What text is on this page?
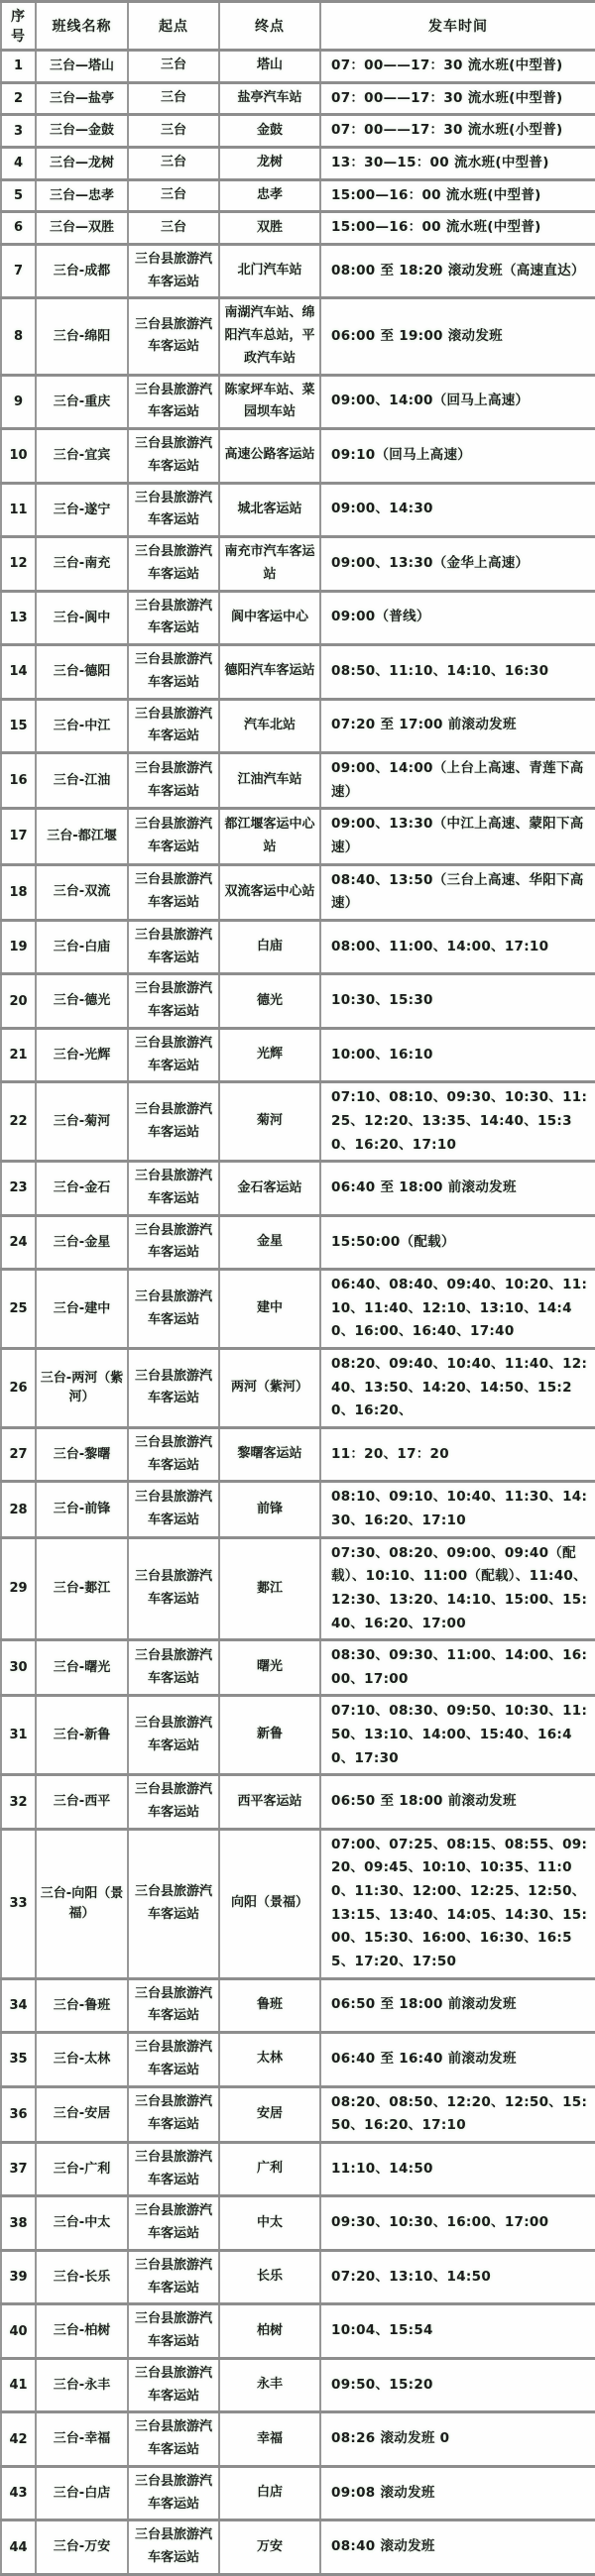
序号	班线名称	起点	终点	发车时间
1	三台—塔山	三台	塔山	07：00——17：30 流水班(中型普)
2	三台—盐亭	三台	盐亭汽车站	07：00——17：30 流水班(中型普)
3	三台—金鼓	三台	金鼓	07：00——17：30 流水班(小型普)
4	三台—龙树	三台	龙树	13：30—15：00 流水班(中型普)
5	三台—忠孝	三台	忠孝	15:00—16：00 流水班(中型普)
6	三台—双胜	三台	双胜	15:00—16：00 流水班(中型普)
7	三台-成都	三台县旅游汽车客运站	北门汽车站	08:00 至 18:20 滚动发班（高速直达）
8	三台-绵阳	三台县旅游汽车客运站	南湖汽车站、绵阳汽车总站，平政汽车站	06:00 至 19:00 滚动发班
9	三台-重庆	三台县旅游汽车客运站	陈家坪车站、菜园坝车站	09:00、14:00（回马上高速）
10	三台-宜宾	三台县旅游汽车客运站	高速公路客运站	09:10（回马上高速）
11	三台-遂宁	三台县旅游汽车客运站	城北客运站	09:00、14:30
12	三台-南充	三台县旅游汽车客运站	南充市汽车客运站	09:00、13:30（金华上高速）
13	三台-阆中	三台县旅游汽车客运站	阆中客运中心	09:00（普线）
14	三台-德阳	三台县旅游汽车客运站	德阳汽车客运站	08:50、11:10、14:10、16:30
15	三台-中江	三台县旅游汽车客运站	汽车北站	07:20 至 17:00 前滚动发班
16	三台-江油	三台县旅游汽车客运站	江油汽车站	09:00、14:00（上台上高速、青莲下高速）
17	三台-都江堰	三台县旅游汽车客运站	都江堰客运中心站	09:00、13:30（中江上高速、蒙阳下高速）
18	三台-双流	三台县旅游汽车客运站	双流客运中心站	08:40、13:50（三台上高速、华阳下高速）
19	三台-白庙	三台县旅游汽车客运站	白庙	08:00、11:00、14:00、17:10
20	三台-德光	三台县旅游汽车客运站	德光	10:30、15:30
21	三台-光辉	三台县旅游汽车客运站	光辉	10:00、16:10
22	三台-菊河	三台县旅游汽车客运站	菊河	07:10、08:10、09:30、10:30、11:25、12:20、13:35、14:40、15:30、16:20、17:10
23	三台-金石	三台县旅游汽车客运站	金石客运站	06:40 至 18:00 前滚动发班
24	三台-金星	三台县旅游汽车客运站	金星	15:50:00（配载）
25	三台-建中	三台县旅游汽车客运站	建中	06:40、08:40、09:40、10:20、11:10、11:40、12:10、13:10、14:40、16:00、16:40、17:40
26	三台-两河（紫河）	三台县旅游汽车客运站	两河（紫河）	08:20、09:40、10:40、11:40、12:40、13:50、14:20、14:50、15:20、16:20、
27	三台-黎曙	三台县旅游汽车客运站	黎曙客运站	11：20、17：20
28	三台-前锋	三台县旅游汽车客运站	前锋	08:10、09:10、10:40、11:30、14:30、16:20、17:10
29	三台-郪江	三台县旅游汽车客运站	郪江	07:30、08:20、09:00、09:40（配载）、10:10、11:00（配载）、11:40、12:30、13:20、14:10、15:00、15:40、16:20、17:00
30	三台-曙光	三台县旅游汽车客运站	曙光	08:30、09:30、11:00、14:00、16:00、17:00
31	三台-新鲁	三台县旅游汽车客运站	新鲁	07:10、08:30、09:50、10:30、11:50、13:10、14:00、15:40、16:40、17:30
32	三台-西平	三台县旅游汽车客运站	西平客运站	06:50 至 18:00 前滚动发班
33	三台-向阳（景福）	三台县旅游汽车客运站	向阳（景福）	07:00、07:25、08:15、08:55、09:20、09:45、10:10、10:35、11:00、11:30、12:00、12:25、12:50、13:15、13:40、14:05、14:30、15:00、15:30、16:00、16:30、16:55、17:20、17:50
34	三台-鲁班	三台县旅游汽车客运站	鲁班	06:50 至 18:00 前滚动发班
35	三台-太林	三台县旅游汽车客运站	太林	06:40 至 16:40 前滚动发班
36	三台-安居	三台县旅游汽车客运站	安居	08:20、08:50、12:20、12:50、15:50、16:20、17:10
37	三台-广利	三台县旅游汽车客运站	广利	11:10、14:50
38	三台-中太	三台县旅游汽车客运站	中太	09:30、10:30、16:00、17:00
39	三台-长乐	三台县旅游汽车客运站	长乐	07:20、13:10、14:50
40	三台-柏树	三台县旅游汽车客运站	柏树	10:04、15:54
41	三台-永丰	三台县旅游汽车客运站	永丰	09:50、15:20
42	三台-幸福	三台县旅游汽车客运站	幸福	08:26 滚动发班 0
43	三台-白店	三台县旅游汽车客运站	白店	09:08 滚动发班
44	三台-万安	三台县旅游汽车客运站	万安	08:40 滚动发班
